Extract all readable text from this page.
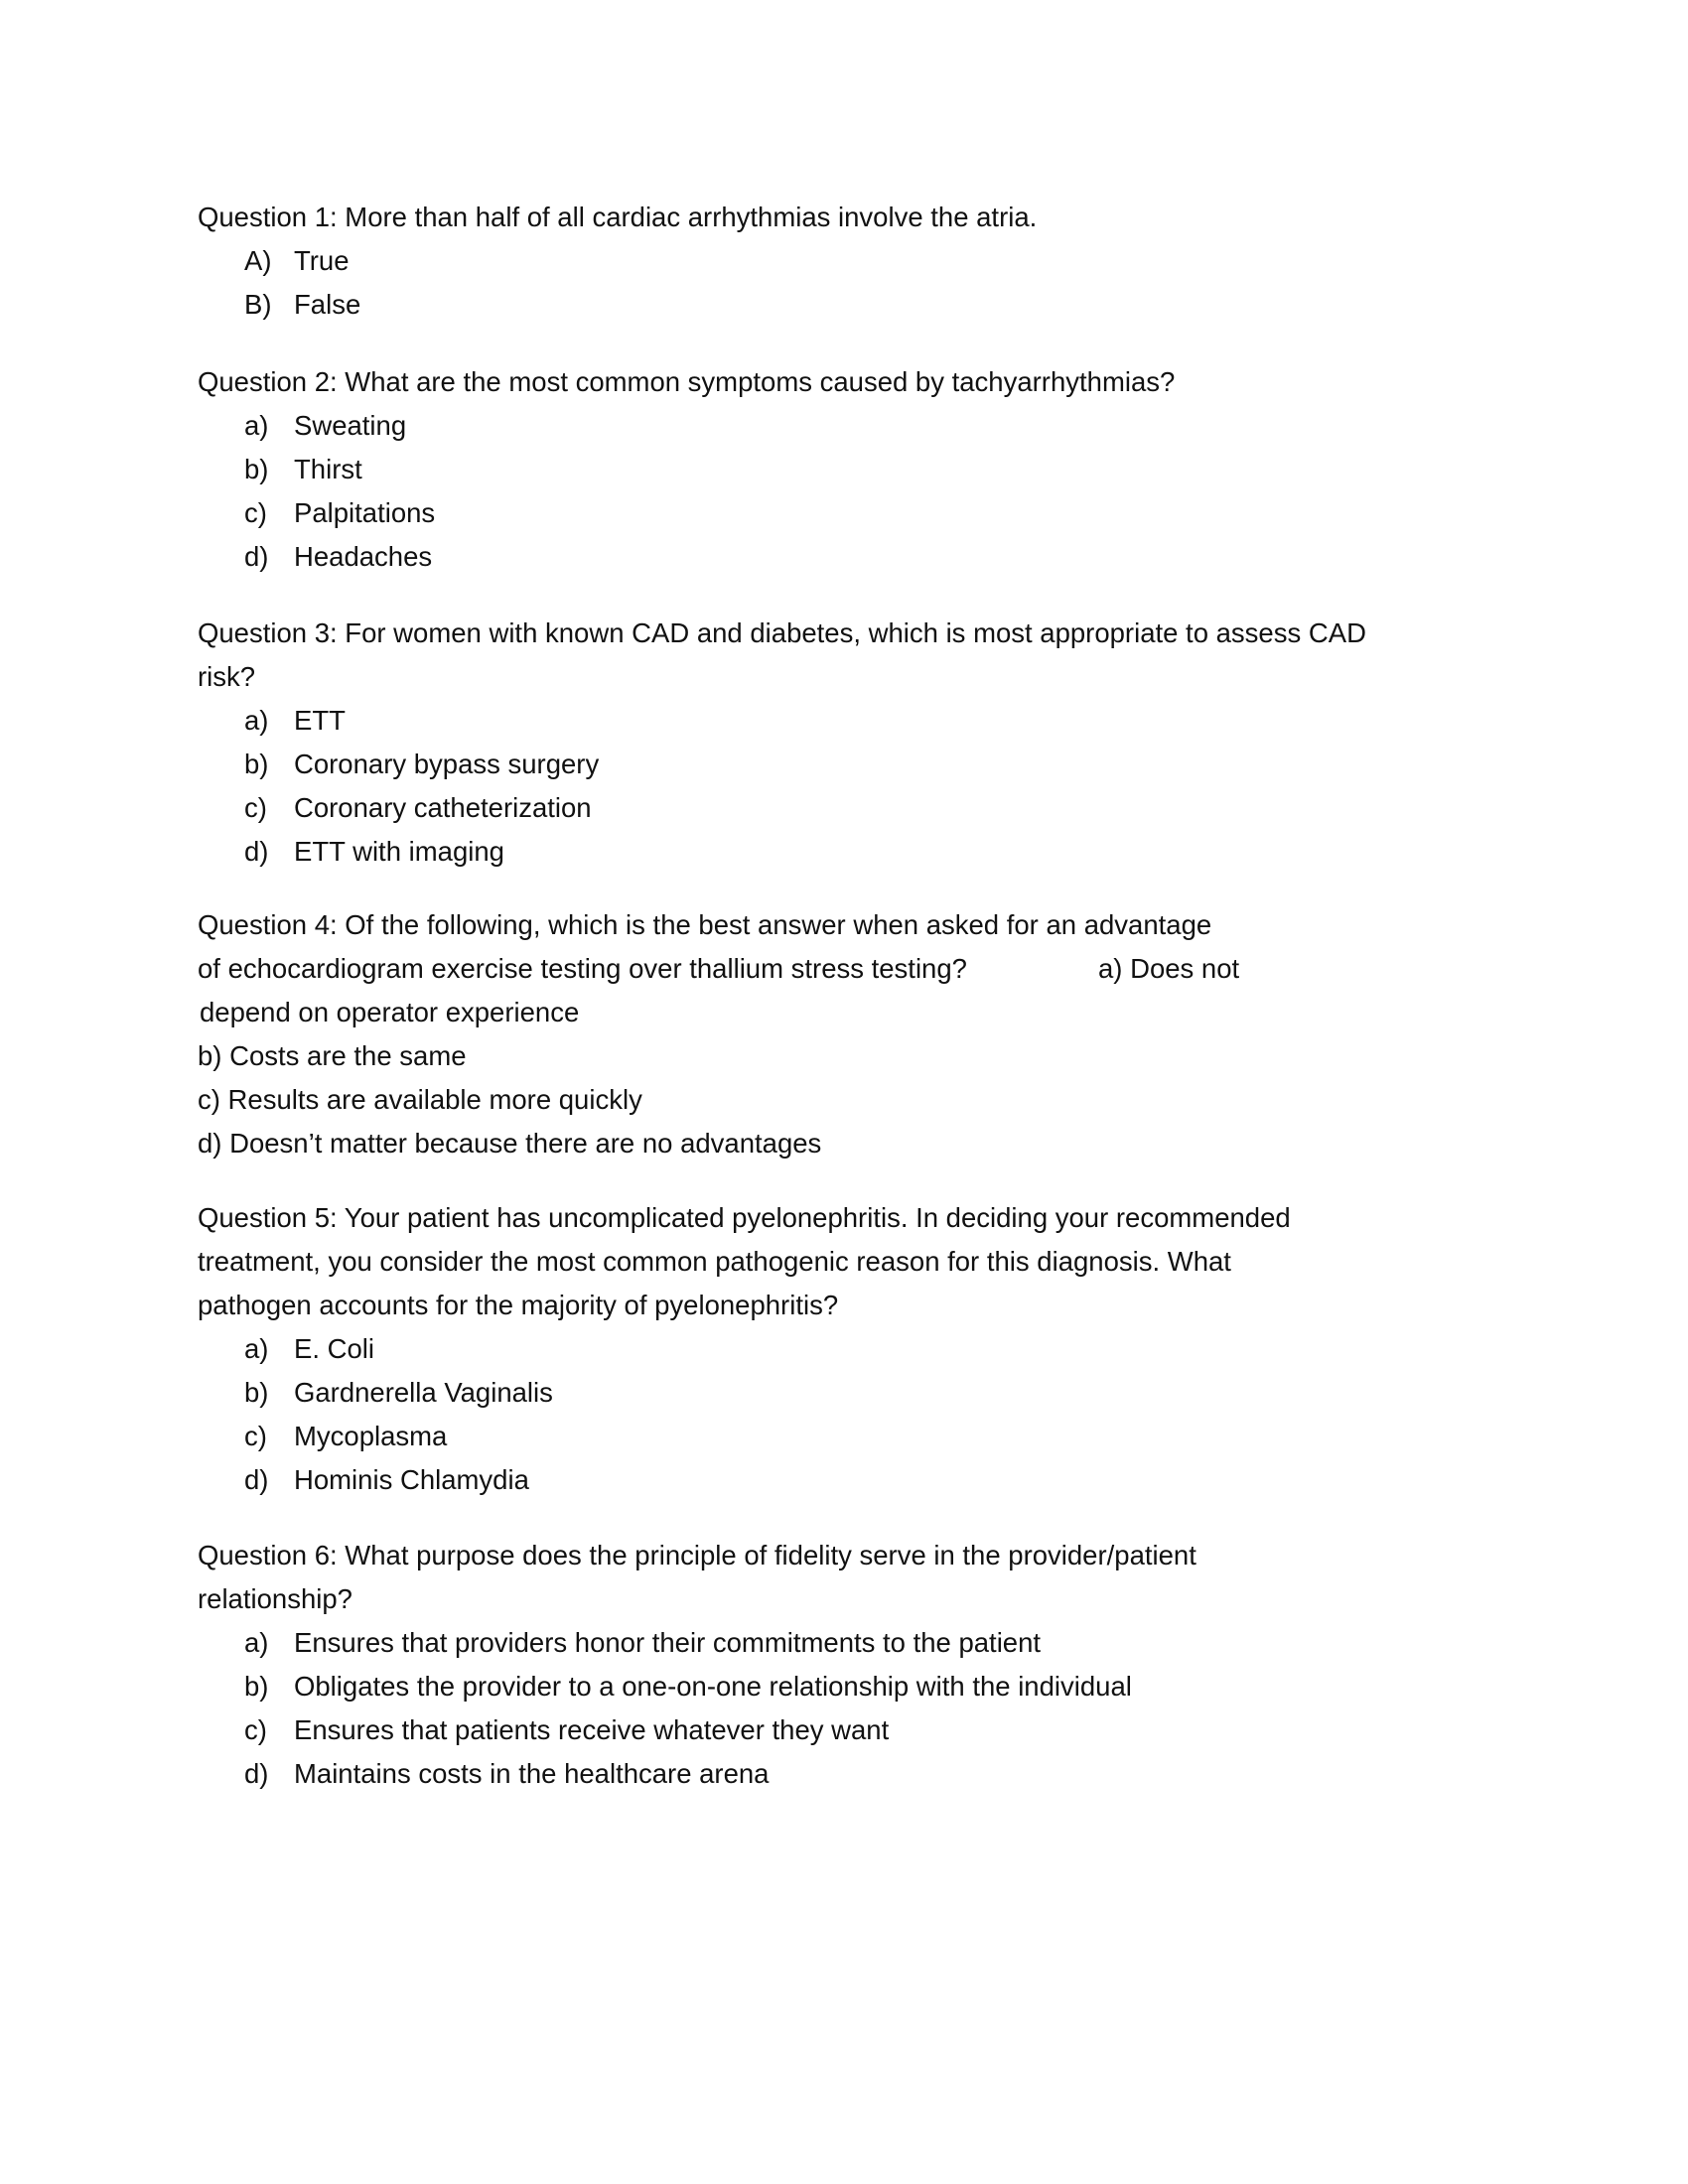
Question 1: More than half of all cardiac arrhythmias involve the atria.
A) True
B) False
Question 2: What are the most common symptoms caused by tachyarrhythmias?
a) Sweating
b) Thirst
c) Palpitations
d) Headaches
Question 3: For women with known CAD and diabetes, which is most appropriate to assess CAD
risk?
a) ETT
b) Coronary bypass surgery
c) Coronary catheterization
d) ETT with imaging
Question 4: Of the following, which is the best answer when asked for an advantage
of echocardiogram exercise testing over thallium stress testing?	a) Does not
depend on operator experience
b) Costs are the same
c) Results are available more quickly
d) Doesn’t matter because there are no advantages
Question 5: Your patient has uncomplicated pyelonephritis. In deciding your recommended
treatment, you consider the most common pathogenic reason for this diagnosis. What
pathogen accounts for the majority of pyelonephritis?
a) E. Coli
b) Gardnerella Vaginalis
c) Mycoplasma
d) Hominis Chlamydia
Question 6: What purpose does the principle of fidelity serve in the provider/patient
relationship?
a) Ensures that providers honor their commitments to the patient
b) Obligates the provider to a one-on-one relationship with the individual
c) Ensures that patients receive whatever they want
d) Maintains costs in the healthcare arena
